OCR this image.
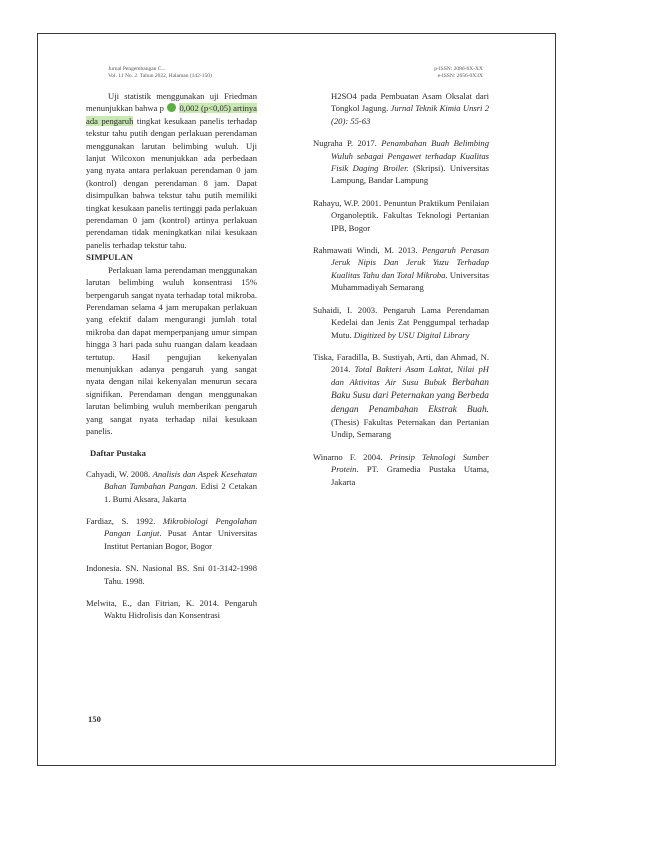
Jurnal Pengembangan C...
Vol. 11 No. 2. Tahun 2022, Halaman (142-150)
p-ISSN: 2086-6X-XX
e-ISSN: 2656-0X3X

Uji statistik menggunakan uji Friedman menunjukkan bahwa p 0,002 (p<0,05) artinya ada pengaruh tingkat kesukaan panelis terhadap tekstur tahu putih dengan perlakuan perendaman menggunakan larutan belimbing wuluh. Uji lanjut Wilcoxon menunjukkan ada perbedaan yang nyata antara perlakuan perendaman 0 jam (kontrol) dengan perendaman 8 jam. Dapat disimpulkan bahwa tekstur tahu putih memiliki tingkat kesukaan panelis tertinggi pada perlakuan perendaman 0 jam (kontrol) artinya perlakuan perendaman tidak meningkatkan nilai kesukaan panelis terhadap tekstur tahu.

SIMPULAN

Perlakuan lama perendaman menggunakan larutan belimbing wuluh konsentrasi 15% berpengaruh sangat nyata terhadap total mikroba. Perendaman selama 4 jam merupakan perlakuan yang efektif dalam mengurangi jumlah total mikroba dan dapat memperpanjang umur simpan hingga 3 hari pada suhu ruangan dalam keadaan tertutup. Hasil pengujian kekenyalan menunjukkan adanya pengaruh yang sangat nyata dengan nilai kekenyalan menurun secara signifikan. Perendaman dengan menggunakan larutan belimbing wuluh memberikan pengaruh yang sangat nyata terhadap nilai kesukaan panelis.

Daftar Pustaka

Cahyadi, W. 2008. Analisis dan Aspek Kesehatan Bahan Tambahan Pangan. Edisi 2 Cetakan 1. Bumi Aksara, Jakarta
Fardiaz, S. 1992. Mikrobiologi Pengolahan Pangan Lanjut. Pusat Antar Universitas Institut Pertanian Bogor, Bogor
Indonesia. SN. Nasional BS. Sni 01-3142-1998 Tahu. 1998.
Melwita, E., dan Fitrian, K. 2014. Pengaruh Waktu Hidrolisis dan Konsentrasi
H2SO4 pada Pembuatan Asam Oksalat dari Tongkol Jagung. Jurnal Teknik Kimia Unsri 2 (20): 55-63
Nugraha P. 2017. Penambahan Buah Belimbing Wuluh sebagai Pengawet terhadap Kualitas Fisik Daging Broiler. (Skripsi). Universitas Lampung, Bandar Lampung
Rahayu, W.P. 2001. Penuntun Praktikum Penilaian Organoleptik. Fakultas Teknologi Pertanian IPB, Bogor
Rahmawati Windi, M. 2013. Pengaruh Perasan Jeruk Nipis Dan Jeruk Yuzu Terhadap Kualitas Tahu dan Total Mikroba. Universitas Muhammadiyah Semarang
Suhaidi, I. 2003. Pengaruh Lama Perendaman Kedelai dan Jenis Zat Penggumpal terhadap Mutu. Digitized by USU Digital Library
Tiska, Faradilla, B. Sustiyah, Arti, dan Ahmad, N. 2014. Total Bakteri Asam Laktat, Nilai pH dan Aktivitas Air Susu Bubuk Berbahan Baku Susu dari Peternakan yang Berbeda dengan Penambahan Ekstrak Buah. (Thesis) Fakultas Peternakan dan Pertanian Undip, Semarang
Winarno F. 2004. Prinsip Teknologi Sumber Protein. PT. Gramedia Pustaka Utama, Jakarta
150
